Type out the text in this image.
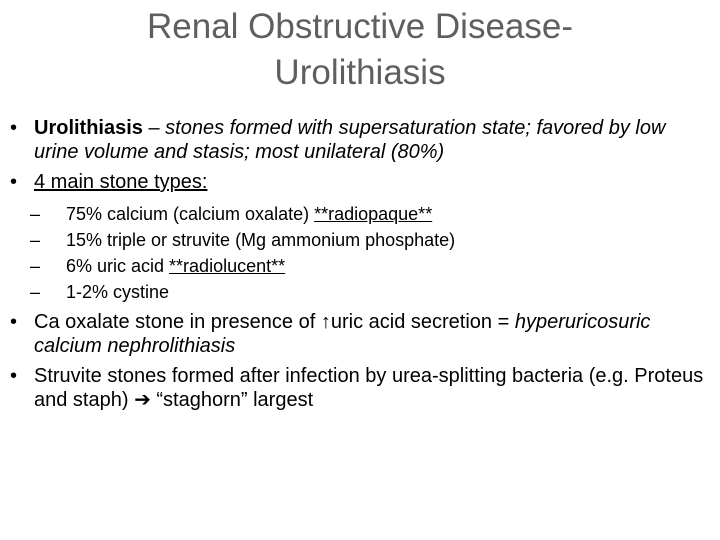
Renal Obstructive Disease-
Urolithiasis
• Urolithiasis – stones formed with supersaturation state; favored by low urine volume and stasis; most unilateral (80%)
• 4 main stone types:
– 75% calcium (calcium oxalate) **radiopaque**
– 15% triple or struvite (Mg ammonium phosphate)
– 6% uric acid **radiolucent**
– 1-2% cystine
• Ca oxalate stone in presence of ↑uric acid secretion = hyperuricosuric calcium nephrolithiasis
• Struvite stones formed after infection by urea-splitting bacteria (e.g. Proteus and staph) ➔ “staghorn” largest
